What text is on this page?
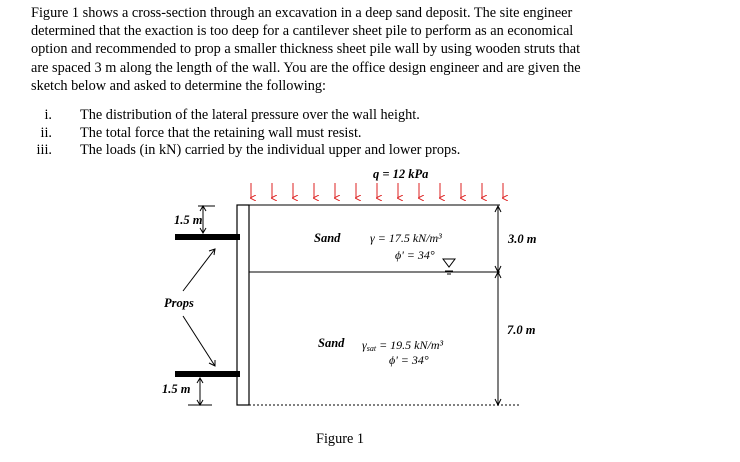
Figure 1 shows a cross-section through an excavation in a deep sand deposit. The site engineer
determined that the exaction is too deep for a cantilever sheet pile to perform as an economical
option and recommended to prop a smaller thickness sheet pile wall by using wooden struts that
are spaced 3 m along the length of the wall. You are the office design engineer and are given the
sketch below and asked to determine the following:
i. The distribution of the lateral pressure over the wall height.
ii. The total force that the retaining wall must resist.
iii. The loads (in kN) carried by the individual upper and lower props.
q = 12 kPa
1.5 m
1.5 m
Props
Sand γ = 17.5 kN/m³
ϕ' = 34°
Sand γsat = 19.5 kN/m³
ϕ' = 34°
3.0 m
7.0 m
Figure 1
